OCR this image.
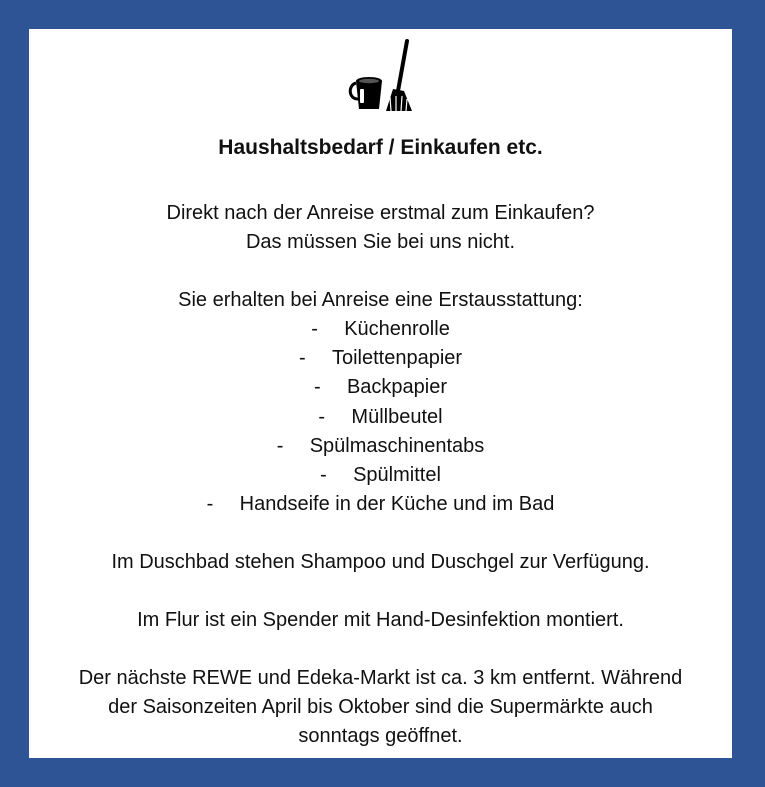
Haushaltsbedarf / Einkaufen etc.
Direkt nach der Anreise erstmal zum Einkaufen?
Das müssen Sie bei uns nicht.
Sie erhalten bei Anreise eine Erstausstattung:
- Küchenrolle
- Toilettenpapier
- Backpapier
- Müllbeutel
- Spülmaschinentabs
- Spülmittel
- Handseife in der Küche und im Bad
Im Duschbad stehen Shampoo und Duschgel zur Verfügung.
Im Flur ist ein Spender mit Hand-Desinfektion montiert.
Der nächste REWE und Edeka-Markt ist ca. 3 km entfernt. Während
der Saisonzeiten April bis Oktober sind die Supermärkte auch
sonntags geöffnet.
